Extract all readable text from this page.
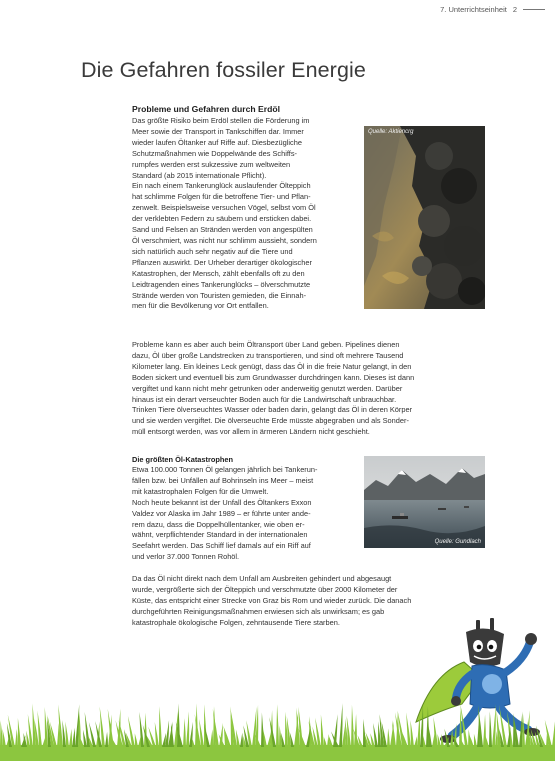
7. Unterrichtseinheit 2
Die Gefahren fossiler Energie
Probleme und Gefahren durch Erdöl
Das größte Risiko beim Erdöl stellen die Förderung im
Meer sowie der Transport in Tankschiffen dar. Immer
wieder laufen Öltanker auf Riffe auf. Diesbezügliche
Schutzmaßnahmen wie Doppelwände des Schiffs-
rumpfes werden erst sukzessive zum weltweiten
Standard (ab 2015 internationale Pflicht).
Ein nach einem Tankerunglück auslaufender Ölteppich
hat schlimme Folgen für die betroffene Tier- und Pflan-
zenwelt. Beispielsweise versuchen Vögel, selbst vom Öl
der verklebten Federn zu säubern und ersticken dabei.
Sand und Felsen an Stränden werden von angespülten
Öl verschmiert, was nicht nur schlimm aussieht, sondern
sich natürlich auch sehr negativ auf die Tiere und
Pflanzen auswirkt. Der Urheber derartiger ökologischer
Katastrophen, der Mensch, zählt ebenfalls oft zu den
Leidtragenden eines Tankerunglücks – ölverschmutzte
Strände werden von Touristen gemieden, die Einnah-
men für die Bevölkerung vor Ort entfallen.
Quelle: Aktiencrg
Probleme kann es aber auch beim Öltransport über Land geben. Pipelines dienen
dazu, Öl über große Landstrecken zu transportieren, und sind oft mehrere Tausend
Kilometer lang. Ein kleines Leck genügt, dass das Öl in die freie Natur gelangt, in den
Boden sickert und eventuell bis zum Grundwasser durchdringen kann. Dieses ist dann
vergiftet und kann nicht mehr getrunken oder anderweitig genutzt werden. Darüber
hinaus ist ein derart verseuchter Boden auch für die Landwirtschaft unbrauchbar.
Trinken Tiere ölverseuchtes Wasser oder baden darin, gelangt das Öl in deren Körper
und sie werden vergiftet. Die ölverseuchte Erde müsste abgegraben und als Sonder-
müll entsorgt werden, was vor allem in ärmeren Ländern nicht geschieht.
Die größten Öl-Katastrophen
Etwa 100.000 Tonnen Öl gelangen jährlich bei Tankerun-
fällen bzw. bei Unfällen auf Bohrinseln ins Meer – meist
mit katastrophalen Folgen für die Umwelt.
Noch heute bekannt ist der Unfall des Öltankers Exxon
Valdez vor Alaska im Jahr 1989 – er führte unter ande-
rem dazu, dass die Doppelhüllentanker, wie oben er-
wähnt, verpflichtender Standard in der internationalen
Seefahrt werden. Das Schiff lief damals auf ein Riff auf
und verlor 37.000 Tonnen Rohöl.
Da das Öl nicht direkt nach dem Unfall am Ausbreiten gehindert und abgesaugt
wurde, vergrößerte sich der Ölteppich und verschmutzte über 2000 Kilometer der
Küste, das entspricht einer Strecke von Graz bis Rom und wieder zurück. Die danach
durchgeführten Reinigungsmaßnahmen erwiesen sich als unwirksam; es gab
katastrophale ökologische Folgen, zehntausende Tiere starben.
Quelle: Gundlach
